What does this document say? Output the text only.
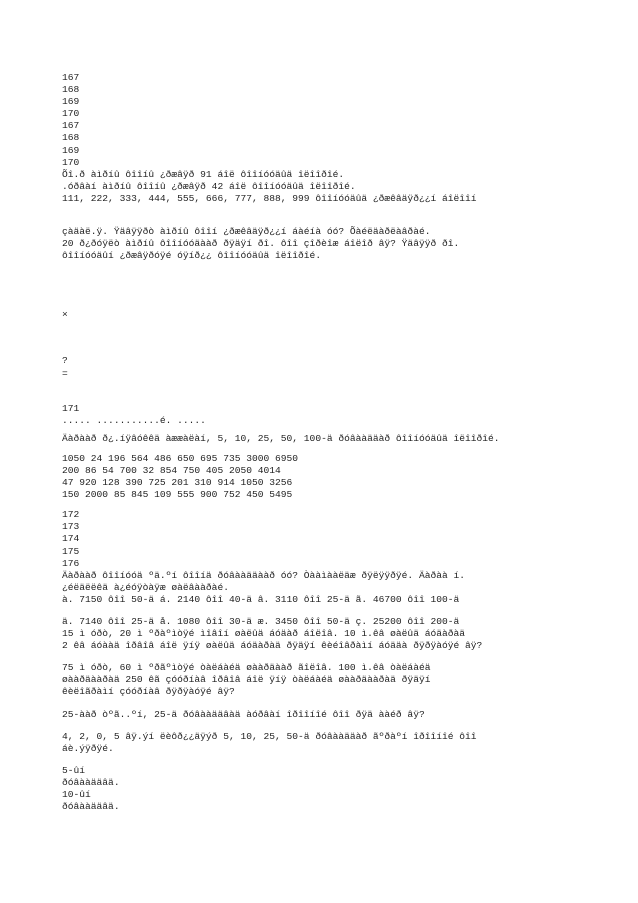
167
168
169
170
167
168
169
170
Õî.ð àìðíû ôîîíû ¿ðæâÿð 91 áîë ôîîíóóäûä îëîîðîé.
.óðâàí àìðíû ôîîíû ¿ðæâÿð 42 áîë ôîîíóóäûä îëîîðîé.
111, 222, 333, 444, 555, 666, 777, 888, 999 ôîîíóóäûä ¿ðæêâäÿð¿¿í áîëîîí
çàäàë.ÿ. Ÿäâÿÿðò àìðíû ôîîí ¿ðæêâäÿð¿¿í áàéíà óó? Õàéëäàðëàâðàé.
20 ð¿ðóÿëò àìðíû ôîîíóóäààð ðÿäÿí ðî. ôîî çîðèîæ áîëîð âÿ? Ÿäâÿÿð ðî.
ôîîíóóäûí ¿ðæâÿðóÿé óÿíð¿¿ ôîîíóóäûä îëîîðîé.
×
?
=
171
..... ...........é. .....
Äàðààð ð¿.íÿâóêêä àææàëàí, 5, 10, 25, 50, 100-ä ðóâààääàð ôîîíóóäûä îëîîðîé.
1050 24 196 564 486 650 695 735 3000 6950
200 86 54 700 32 854 750 405 2050 4014
47 920 128 390 725 201 310 914 1050 3256
150 2000 85 845 109 555 900 752 450 5495
172
173
174
175
176
Äàðààð ôîîíóóä ºä.ºí ôîîíä ðóâààääààð óó? Òààìààëäæ ðÿëÿÿðÿé. Äàðàà í.
¿éëäëëêä à¿éóÿòàÿæ øàëâààðàé.
à. 7150 ôîî 50-ä á. 2140 ôîî 40-ä â. 3110 ôîî 25-ä ã. 46700 ôîî 100-ä
ä. 7140 ôîî 25-ä å. 1080 ôîî 30-ä æ. 3450 ôîî 50-ä ç. 25200 ôîî 200-ä
15 ì óðò, 20 ì ºðàºìòÿé ìîâîí øàëûä áóäàð áîëîâ. 10 ì.êâ øàëûä áóäàðàä
2 êâ áóààä îðâîâ áîë ÿíÿ øàëûä áóäàðàä ðÿäÿí êèéîâðàìí áóääà ðÿðÿàóÿé âÿ?
75 ì óðò, 60 ì ºðãºìòÿé òàëáàéä øààðäààð ãîëîâ. 100 ì.êâ òàëáàéä
øààðäààðàä 250 êã çóóðíàâ îðâîâ áîë ÿíÿ òàëáàéä øààðäààðàä ðÿäÿí
êèëîãðàìí çóóðíàâ ðÿðÿàóÿé âÿ?
25-ààð òºã..ºí, 25-ä ðóâààääâàä àóðâàí îðîîíîé ôîî ðÿä ààéð âÿ?
4, 2, 0, 5 âÿ.ýí ëèôð¿¿äÿýð 5, 10, 25, 50-ä ðóâààääàð ãºðàºí îðîîíîé ôîî
áè.ýÿðÿé.
5-ûí
ðóâààääâä.
10-ûí
ðóâààääâä.
